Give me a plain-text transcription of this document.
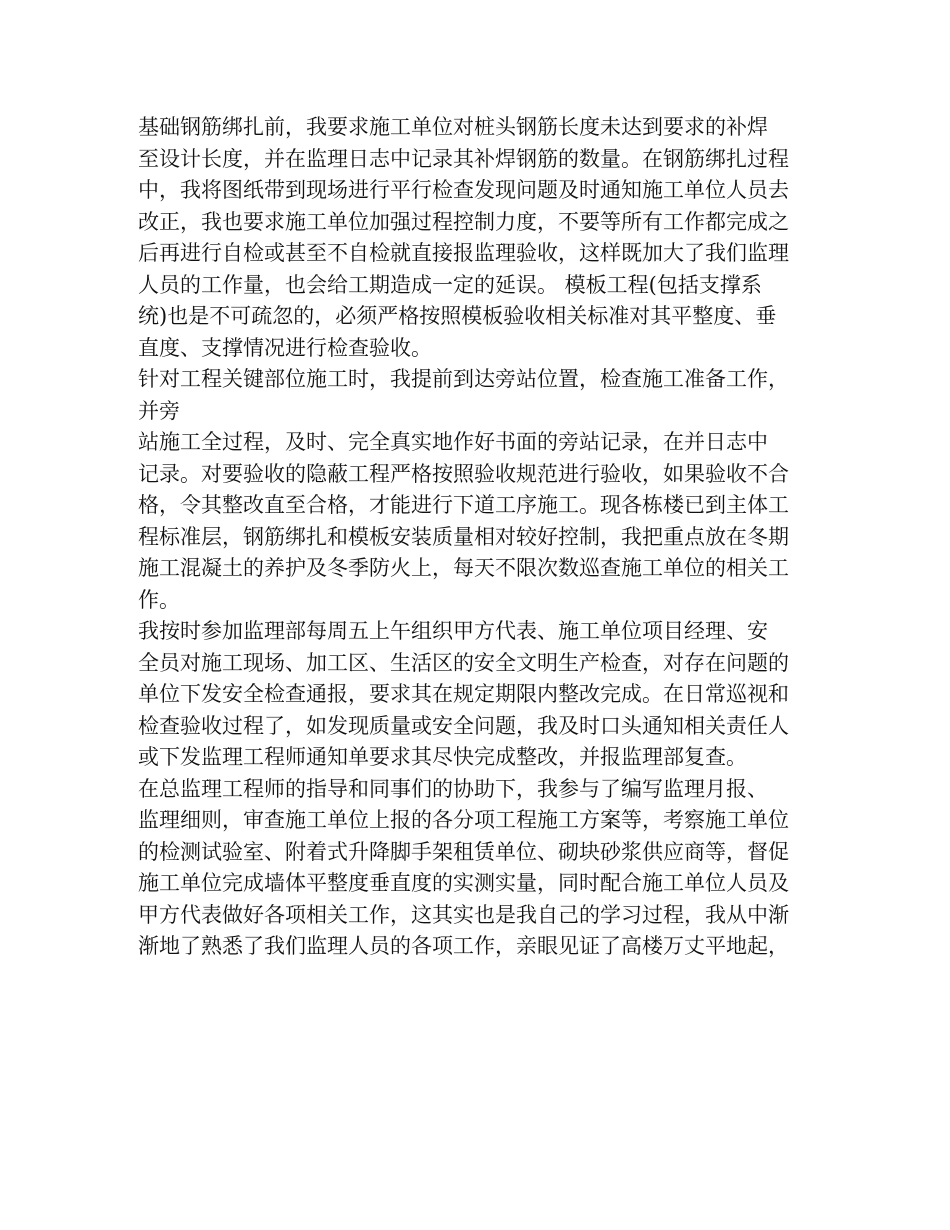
基础钢筋绑扎前，我要求施工单位对桩头钢筋长度未达到要求的补焊
至设计长度，并在监理日志中记录其补焊钢筋的数量。在钢筋绑扎过程
中，我将图纸带到现场进行平行检查发现问题及时通知施工单位人员去
改正，我也要求施工单位加强过程控制力度，不要等所有工作都完成之
后再进行自检或甚至不自检就直接报监理验收，这样既加大了我们监理
人员的工作量，也会给工期造成一定的延误。 模板工程(包括支撑系
统)也是不可疏忽的，必须严格按照模板验收相关标准对其平整度、垂
直度、支撑情况进行检查验收。
针对工程关键部位施工时，我提前到达旁站位置，检查施工准备工作，
并旁
站施工全过程，及时、完全真实地作好书面的旁站记录，在并日志中
记录。对要验收的隐蔽工程严格按照验收规范进行验收，如果验收不合
格，令其整改直至合格，才能进行下道工序施工。现各栋楼已到主体工
程标准层，钢筋绑扎和模板安装质量相对较好控制，我把重点放在冬期
施工混凝土的养护及冬季防火上，每天不限次数巡查施工单位的相关工
作。
我按时参加监理部每周五上午组织甲方代表、施工单位项目经理、安
全员对施工现场、加工区、生活区的安全文明生产检查，对存在问题的
单位下发安全检查通报，要求其在规定期限内整改完成。在日常巡视和
检查验收过程了，如发现质量或安全问题，我及时口头通知相关责任人
或下发监理工程师通知单要求其尽快完成整改，并报监理部复查。
在总监理工程师的指导和同事们的协助下，我参与了编写监理月报、
监理细则，审查施工单位上报的各分项工程施工方案等，考察施工单位
的检测试验室、附着式升降脚手架租赁单位、砌块砂浆供应商等，督促
施工单位完成墙体平整度垂直度的实测实量，同时配合施工单位人员及
甲方代表做好各项相关工作，这其实也是我自己的学习过程，我从中渐
渐地了熟悉了我们监理人员的各项工作，亲眼见证了高楼万丈平地起，
